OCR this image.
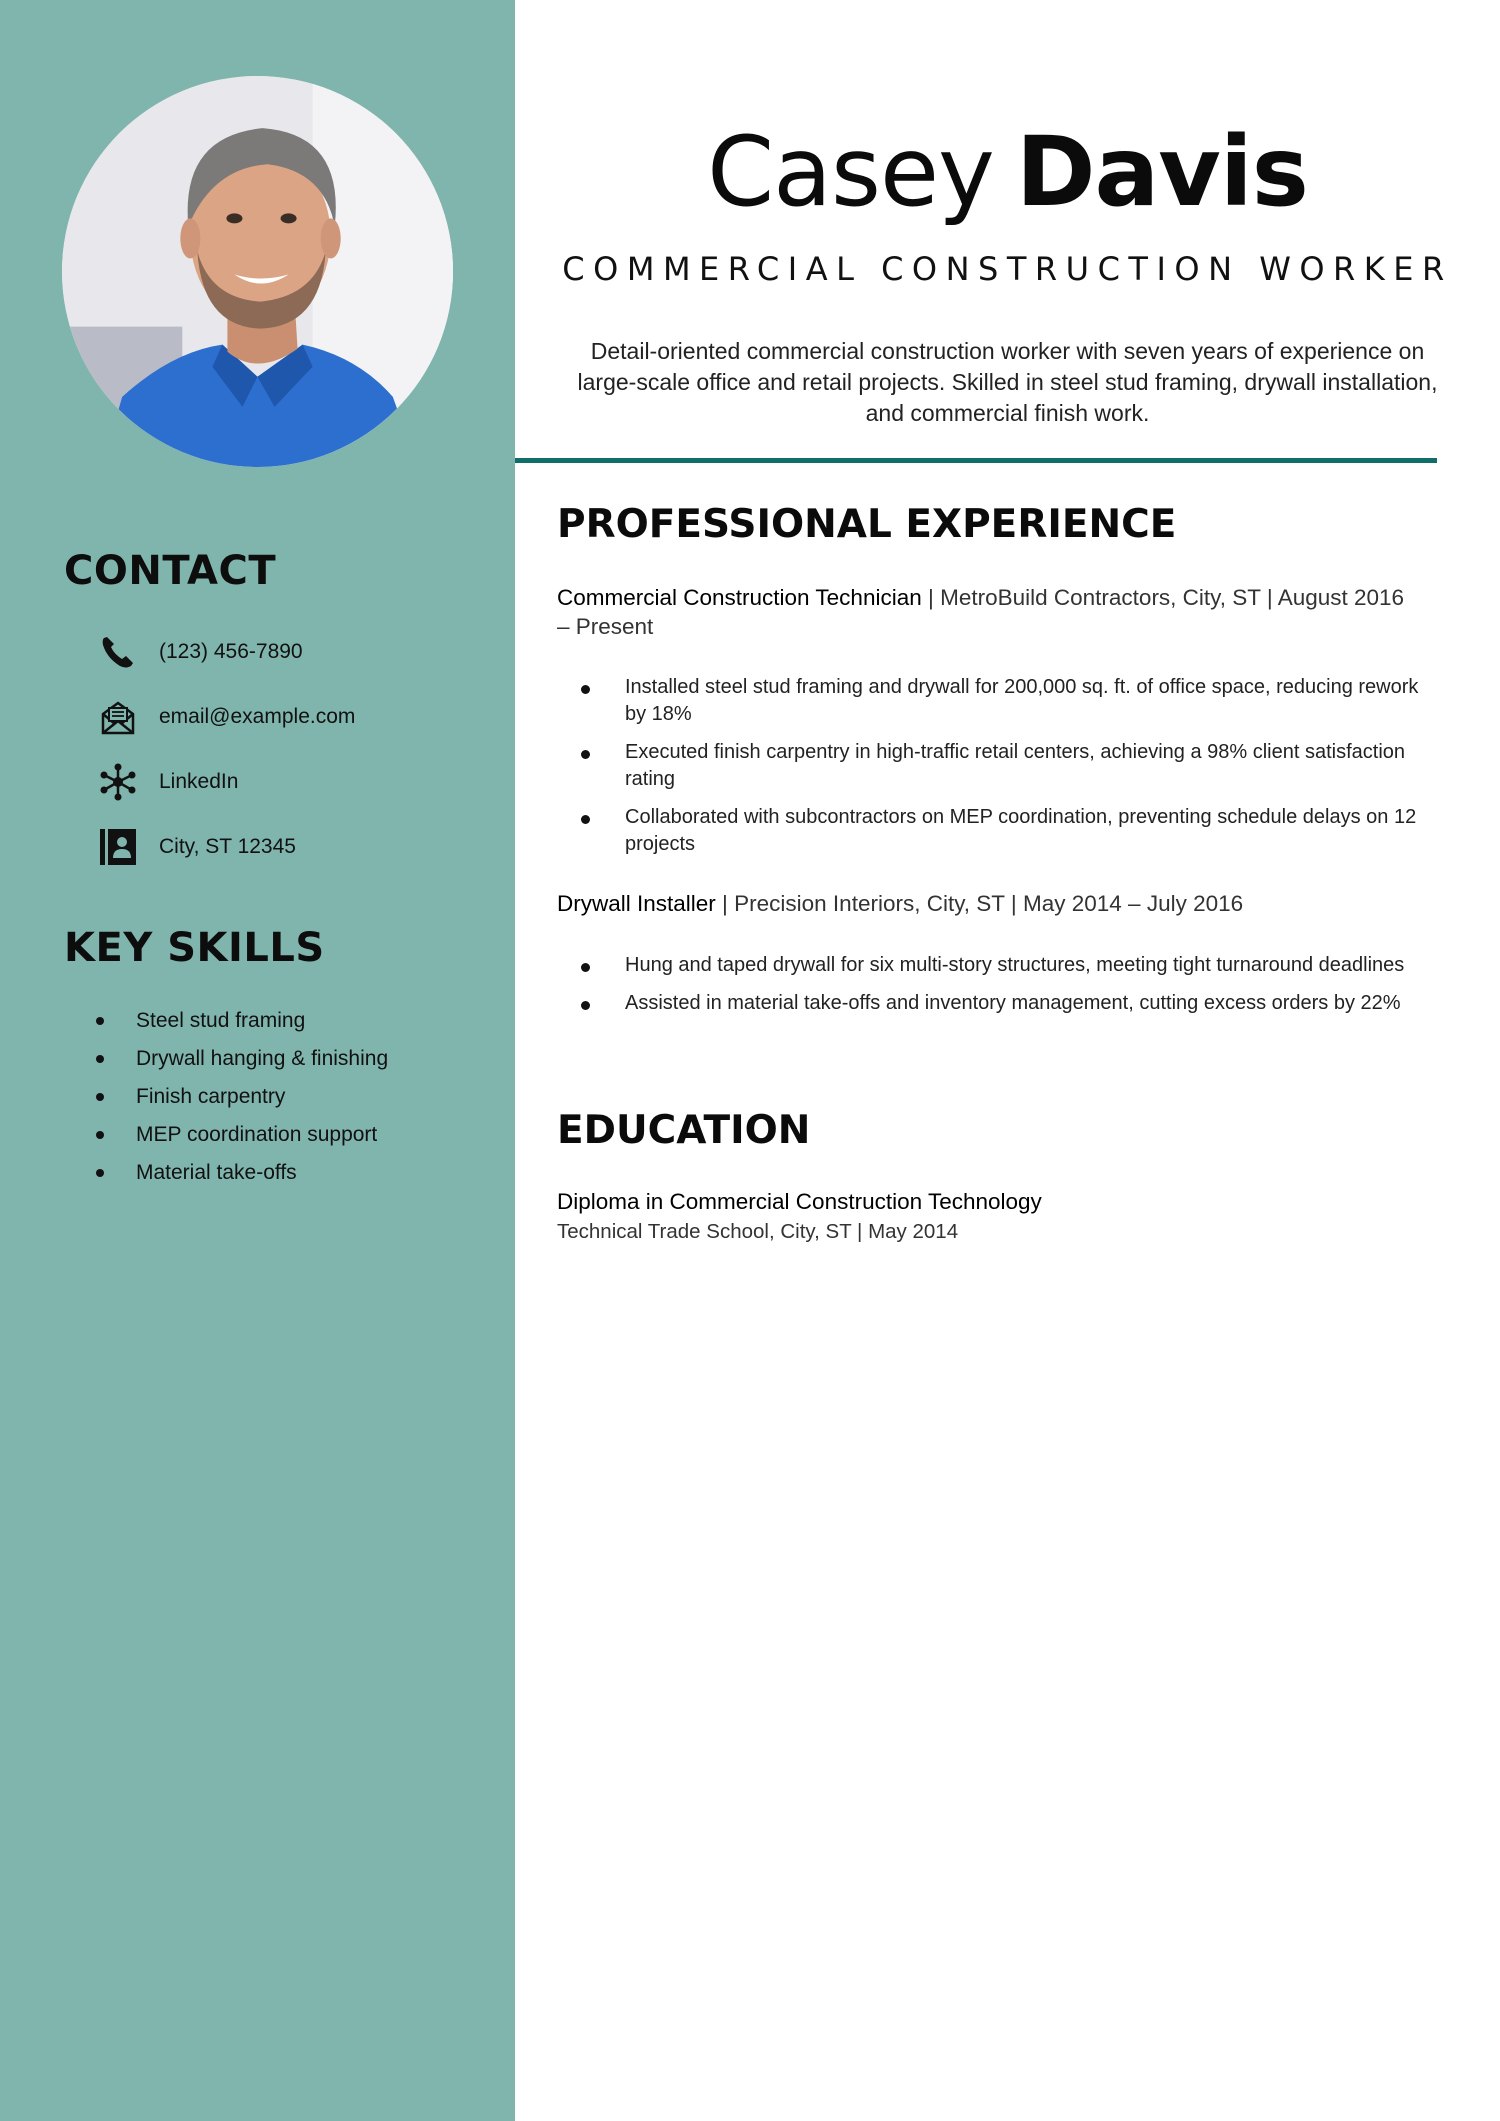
CONTACT
(123) 456-7890
email@example.com
LinkedIn
City, ST 12345
KEY SKILLS
Steel stud framing
Drywall hanging & finishing
Finish carpentry
MEP coordination support
Material take-offs
Casey Davis
COMMERCIAL CONSTRUCTION WORKER
Detail-oriented commercial construction worker with seven years of experience on large-scale office and retail projects. Skilled in steel stud framing, drywall installation, and commercial finish work.
PROFESSIONAL EXPERIENCE
Commercial Construction Technician | MetroBuild Contractors, City, ST | August 2016 – Present
Installed steel stud framing and drywall for 200,000 sq. ft. of office space, reducing rework by 18%
Executed finish carpentry in high-traffic retail centers, achieving a 98% client satisfaction rating
Collaborated with subcontractors on MEP coordination, preventing schedule delays on 12 projects
Drywall Installer | Precision Interiors, City, ST | May 2014 – July 2016
Hung and taped drywall for six multi-story structures, meeting tight turnaround deadlines
Assisted in material take-offs and inventory management, cutting excess orders by 22%
EDUCATION
Diploma in Commercial Construction Technology
Technical Trade School, City, ST | May 2014
